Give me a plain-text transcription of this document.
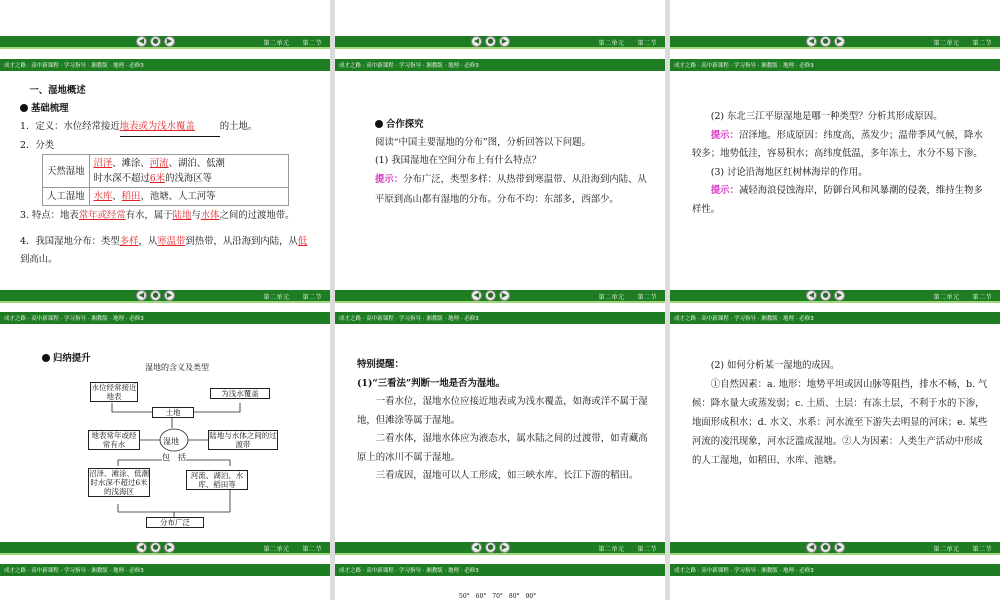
◀	●	▶	第二单元　　第二节
成才之路 · 高中新课程 · 学习指导 · 湘教版 · 地理 · 必修3

一、湿地概述

基础梳理

1．定义：水位经常接近地表或为浅水覆盖	的土地。

2．分类

天然湿地	沼泽、滩涂、河流、湖泊、低潮
时水深不超过6米的浅海区等
人工湿地	水库、稻田、池塘、人工河等

3. 特点：地表常年或经常有水，属于陆地与水体之间的过渡地带。

4．我国湿地分布：类型多样，从寒温带到热带，从沿海到内陆，从低到高山。

◀	●	▶	第二单元　　第二节
成才之路 · 高中新课程 · 学习指导 · 湘教版 · 地理 · 必修3

合作探究

阅读“中国主要湿地的分布”图，分析回答以下问题。

(1) 我国湿地在空间分布上有什么特点？

提示：分布广泛，类型多样：从热带到寒温带、从沿海到内陆、从平原到高山都有湿地的分布。分布不均：东部多，西部少。

◀	●	▶	第二单元　　第二节
成才之路 · 高中新课程 · 学习指导 · 湘教版 · 地理 · 必修3

(2) 东北三江平原湿地是哪一种类型？分析其形成原因。

提示：沼泽地。形成原因：纬度高，蒸发少；温带季风气候，降水较多；地势低洼，容易积水；高纬度低温，多年冻土，水分不易下渗。

(3) 讨论沿海地区红树林海岸的作用。

提示：减轻海浪侵蚀海岸，防御台风和风暴潮的侵袭，维持生物多样性。

◀	●	▶	第二单元　　第二节
成才之路 · 高中新课程 · 学习指导 · 湘教版 · 地理 · 必修3

归纳提升

湿地的含义及类型
水位经常接近地表	为浅水覆盖
土地
地表常年或经常有水	湿地
陆地与水体之间的过渡带
包　括
沼泽、滩涂、低潮时水深不超过6米的浅海区
河流、湖泊、水库、稻田等
分布广泛
◀	●	▶	第二单元　　第二节
成才之路 · 高中新课程 · 学习指导 · 湘教版 · 地理 · 必修3

特别提醒：

(1)“三看法”判断一地是否为湿地。

一看水位，湿地水位应接近地表或为浅水覆盖，如海或洋不属于湿地，但滩涂等属于湿地。

二看水体，湿地水体应为液态水，属水陆之间的过渡带，如青藏高原上的冰川不属于湿地。

三看成因，湿地可以人工形成，如三峡水库、长江下游的稻田。

◀	●	▶	第二单元　　第二节
成才之路 · 高中新课程 · 学习指导 · 湘教版 · 地理 · 必修3

(2) 如何分析某一湿地的成因。

①自然因素：a. 地形：地势平坦或因山脉等阻挡，排水不畅，b. 气候：降水量大或蒸发弱；c. 土质、土层：有冻土层，不利于水的下渗，地面形成积水；d. 水文、水系：河水流至下游失去明显的河床；e. 某些河流的凌汛现象，河水泛滥成湿地。②人为因素：人类生产活动中形成的人工湿地，如稻田、水库、池塘。

◀	●	▶	第二单元　　第二节
成才之路 · 高中新课程 · 学习指导 · 湘教版 · 地理 · 必修3
◀	●	▶	第二单元　　第二节
成才之路 · 高中新课程 · 学习指导 · 湘教版 · 地理 · 必修3
50°　60°　70°　80°　90°
◀	●	▶	第二单元　　第二节
成才之路 · 高中新课程 · 学习指导 · 湘教版 · 地理 · 必修3
